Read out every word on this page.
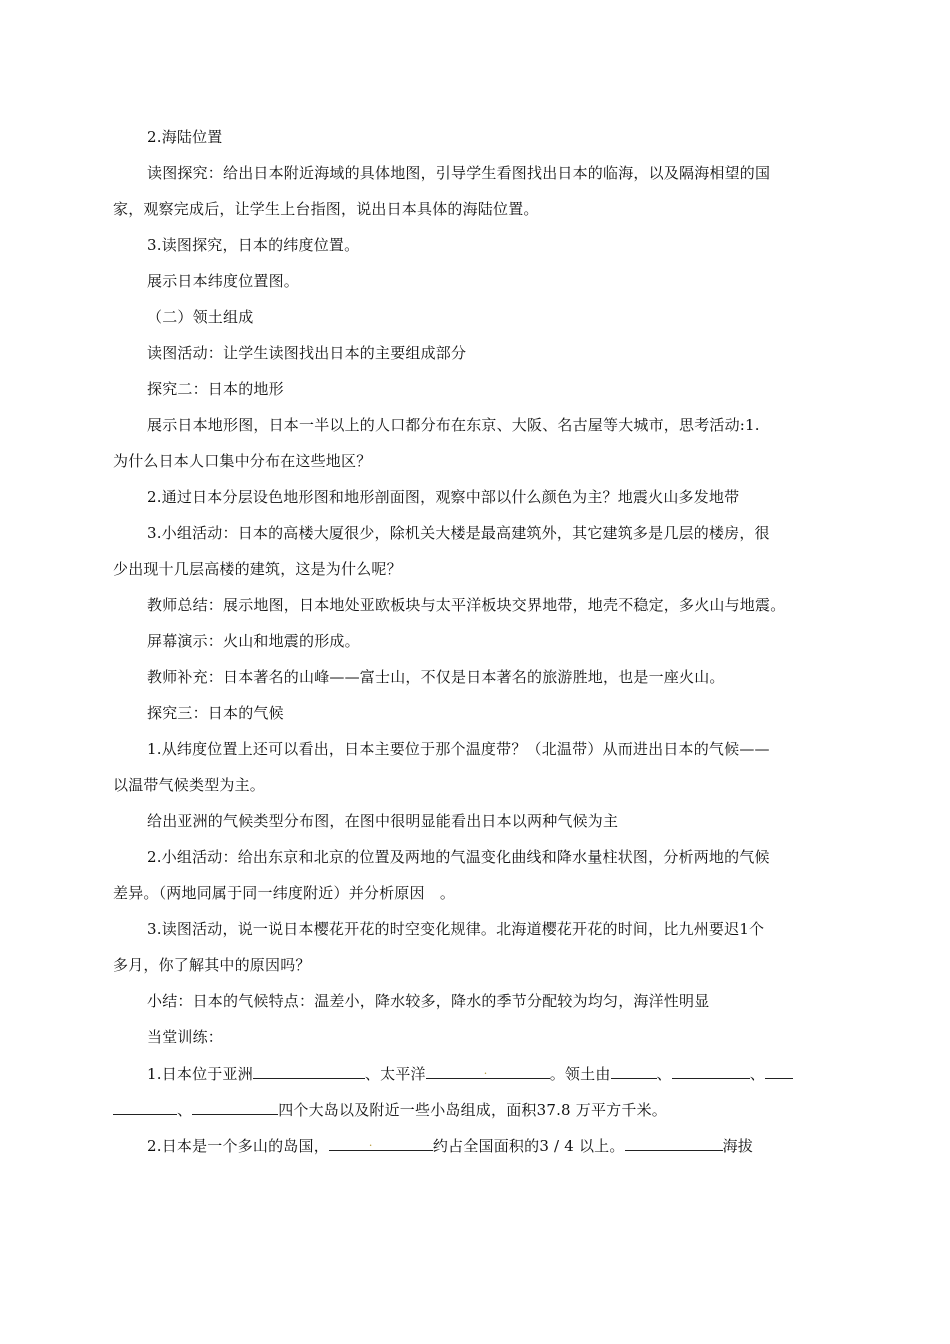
2.海陆位置
读图探究：给出日本附近海域的具体地图，引导学生看图找出日本的临海，以及隔海相望的国
家，观察完成后，让学生上台指图，说出日本具体的海陆位置。
3.读图探究，日本的纬度位置。
展示日本纬度位置图。
（二）领土组成
读图活动：让学生读图找出日本的主要组成部分
探究二：日本的地形
展示日本地形图，日本一半以上的人口都分布在东京、大阪、名古屋等大城市，思考活动:1.
为什么日本人口集中分布在这些地区？
2.通过日本分层设色地形图和地形剖面图，观察中部以什么颜色为主？地震火山多发地带
3.小组活动：日本的高楼大厦很少，除机关大楼是最高建筑外，其它建筑多是几层的楼房，很
少出现十几层高楼的建筑，这是为什么呢？
教师总结：展示地图，日本地处亚欧板块与太平洋板块交界地带，地壳不稳定，多火山与地震。
屏幕演示：火山和地震的形成。
教师补充：日本著名的山峰——富士山，不仅是日本著名的旅游胜地，也是一座火山。
探究三：日本的气候
1.从纬度位置上还可以看出，日本主要位于那个温度带？（北温带）从而进出日本的气候——
以温带气候类型为主。
给出亚洲的气候类型分布图，在图中很明显能看出日本以两种气候为主
2.小组活动：给出东京和北京的位置及两地的气温变化曲线和降水量柱状图，分析两地的气候
差异。（两地同属于同一纬度附近）并分析原因　。
3.读图活动，说一说日本樱花开花的时空变化规律。北海道樱花开花的时间，比九州要迟1个
多月，你了解其中的原因吗？
小结：日本的气候特点：温差小，降水较多，降水的季节分配较为均匀，海洋性明显
当堂训练：
1.日本位于亚洲	、太平洋	.	。领土由	、	、
、	四个大岛以及附近一些小岛组成，面积37.8 万平方千米。
2.日本是一个多山的岛国，	.	约占全国面积的3 / 4 以上。	海拔
